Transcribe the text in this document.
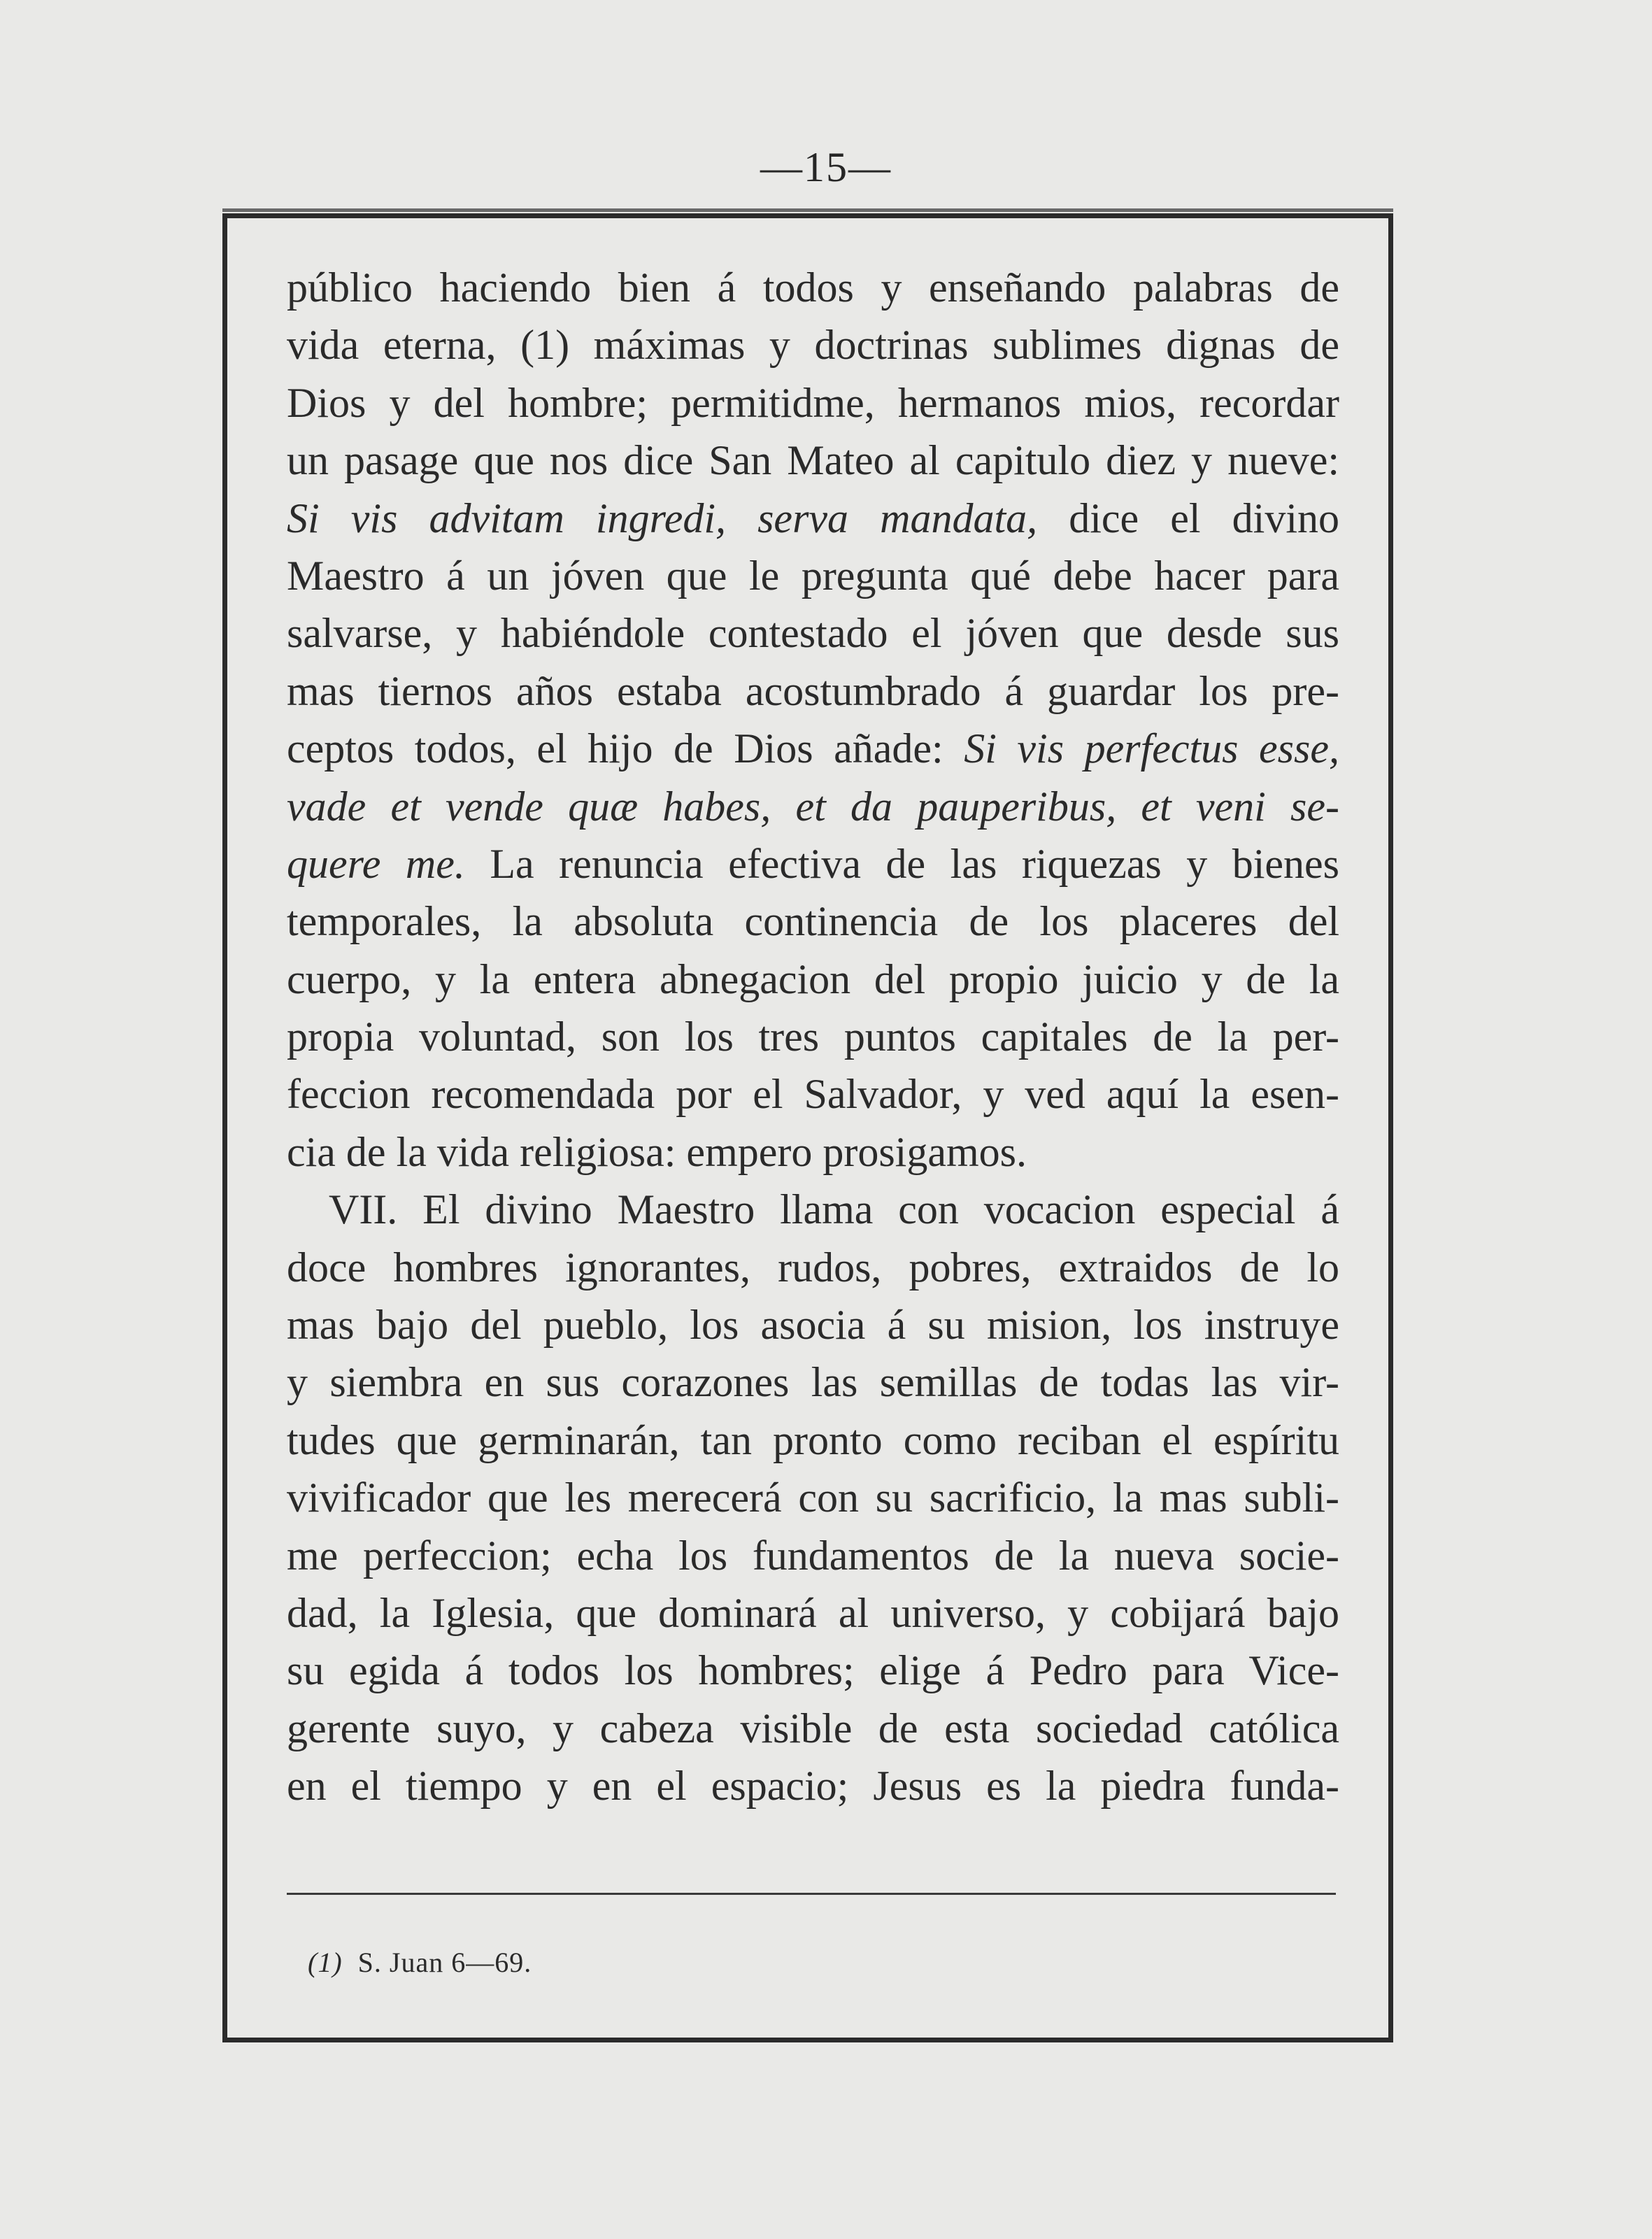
—15—
público haciendo bien á todos y enseñando palabras de
vida eterna, (1) máximas y doctrinas sublimes dignas de
Dios y del hombre; permitidme, hermanos mios, recordar
un pasage que nos dice San Mateo al capitulo diez y nueve:
Si vis advitam ingredi, serva mandata, dice el divino
Maestro á un jóven que le pregunta qué debe hacer para
salvarse, y habiéndole contestado el jóven que desde sus
mas tiernos años estaba acostumbrado á guardar los pre-
ceptos todos, el hijo de Dios añade: Si vis perfectus esse,
vade et vende quæ habes, et da pauperibus, et veni se-
quere me. La renuncia efectiva de las riquezas y bienes
temporales, la absoluta continencia de los placeres del
cuerpo, y la entera abnegacion del propio juicio y de la
propia voluntad, son los tres puntos capitales de la per-
feccion recomendada por el Salvador, y ved aquí la esen-
cia de la vida religiosa: empero prosigamos.
VII. El divino Maestro llama con vocacion especial á
doce hombres ignorantes, rudos, pobres, extraidos de lo
mas bajo del pueblo, los asocia á su mision, los instruye
y siembra en sus corazones las semillas de todas las vir-
tudes que germinarán, tan pronto como reciban el espíritu
vivificador que les merecerá con su sacrificio, la mas subli-
me perfeccion; echa los fundamentos de la nueva socie-
dad, la Iglesia, que dominará al universo, y cobijará bajo
su egida á todos los hombres; elige á Pedro para Vice-
gerente suyo, y cabeza visible de esta sociedad católica
en el tiempo y en el espacio; Jesus es la piedra funda-
(1) S. Juan 6—69.
